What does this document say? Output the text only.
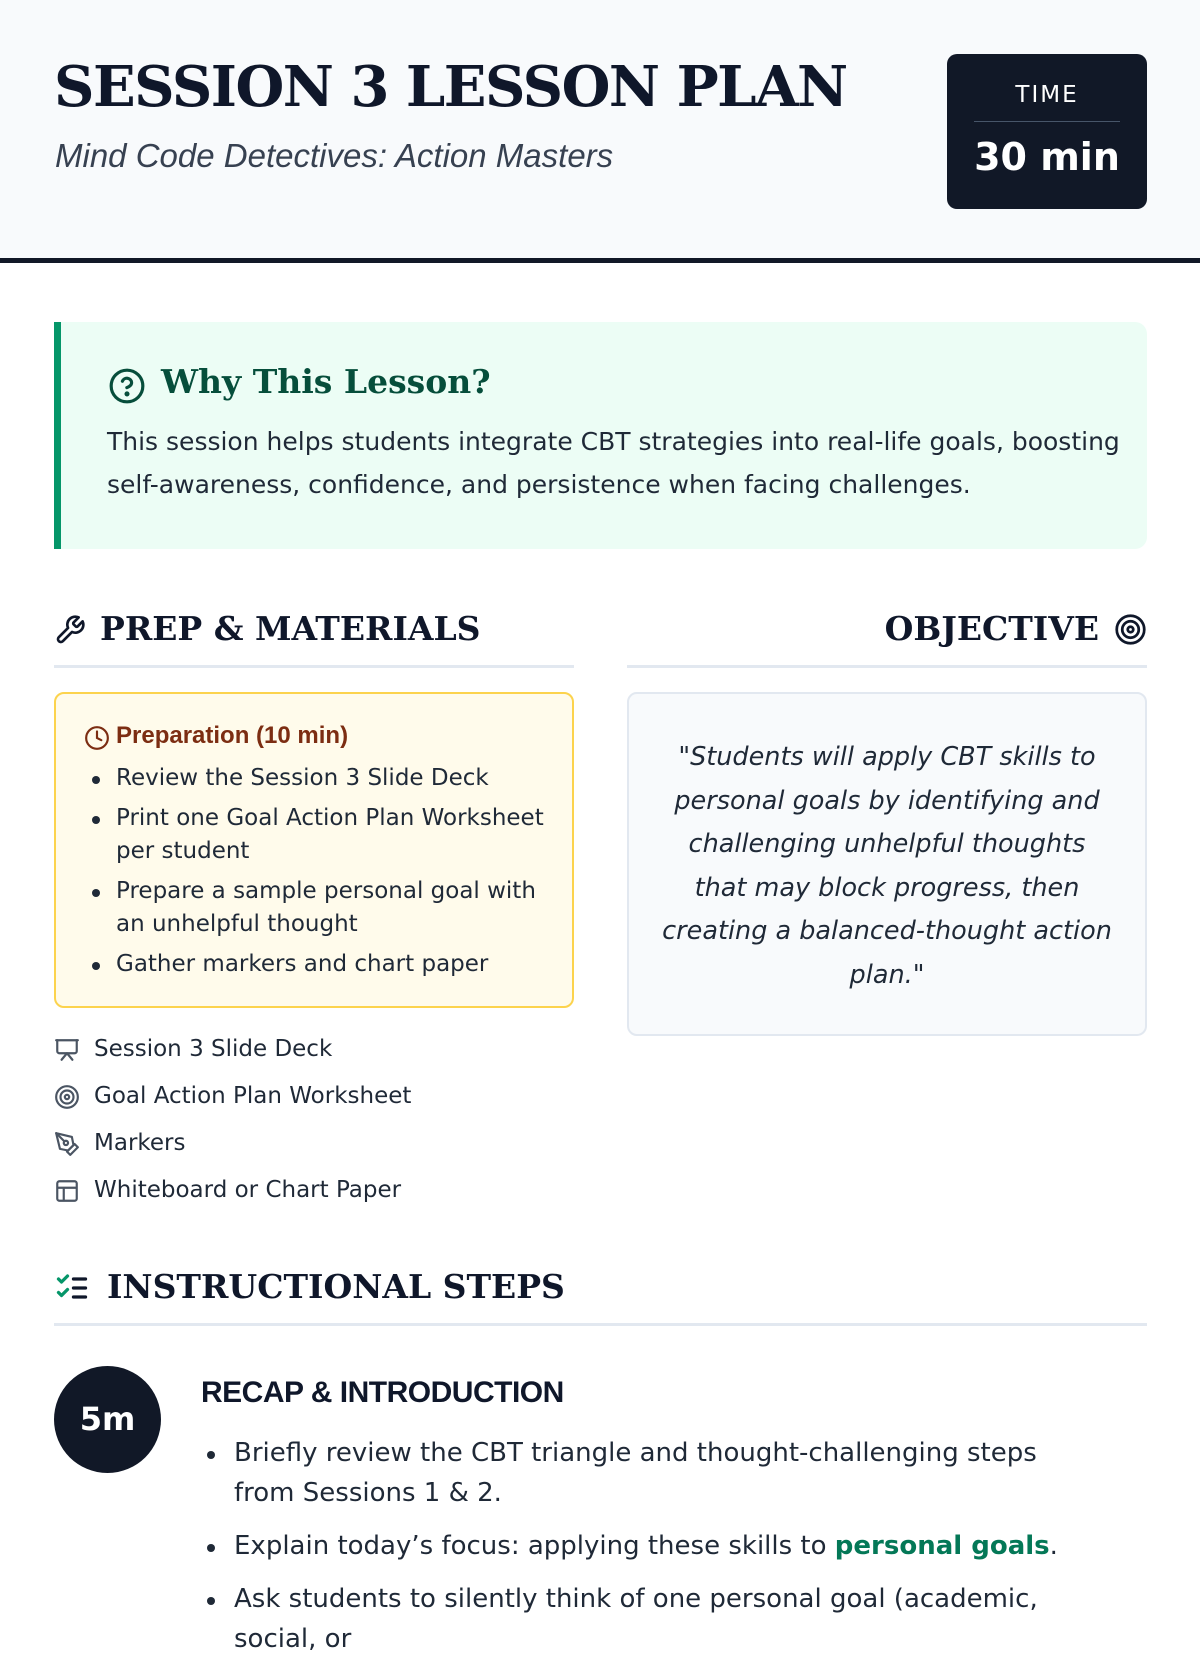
SESSION 3 LESSON PLAN
Mind Code Detectives: Action Masters
TIME
30 min
Why This Lesson?
This session helps students integrate CBT strategies into real-life goals, boosting self-awareness, confidence, and persistence when facing challenges.
PREP & MATERIALS	OBJECTIVE
Preparation (10 min)
Review the Session 3 Slide Deck
Print one Goal Action Plan Worksheet per student
Prepare a sample personal goal with an unhelpful thought
Gather markers and chart paper
Session 3 Slide Deck
Goal Action Plan Worksheet
Markers
Whiteboard or Chart Paper
"Students will apply CBT skills to personal goals by identifying and challenging unhelpful thoughts that may block progress, then creating a balanced-thought action plan."
INSTRUCTIONAL STEPS
5m
RECAP & INTRODUCTION
Briefly review the CBT triangle and thought-challenging steps from Sessions 1 & 2.
Explain today’s focus: applying these skills to personal goals.
Ask students to silently think of one personal goal (academic, social, or
